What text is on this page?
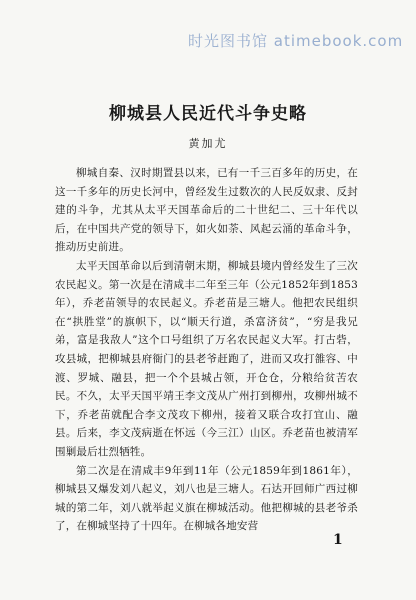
时光图书馆 atimebook.com
柳城县人民近代斗争史略
黄加尤

柳城自秦、汉时期置县以来，已有一千三百多年的历史，在这一千多年的历史长河中，曾经发生过数次的人民反奴隶、反封建的斗争，尤其从太平天国革命后的二十世纪二、三十年代以后，在中国共产党的领导下，如火如荼、风起云涌的革命斗争，推动历史前进。

太平天国革命以后到清朝末期，柳城县境内曾经发生了三次农民起义。第一次是在清咸丰二年至三年（公元1852年到1853年），乔老苗领导的农民起义。乔老苗是三塘人。他把农民组织在“拱胜堂”的旗帜下，以“顺天行道，杀富济贫”，“穷是我兄弟，富是我敌人”这个口号组织了万名农民起义大军。打古砦，攻县城，把柳城县府衙门的县老爷赶跑了，进而又攻打雒容、中渡、罗城、融县，把一个个县城占领，开仓仓，分粮给贫苦农民。不久，太平天国平靖王李文茂从广州打到柳州，攻柳州城不下，乔老苗就配合李文茂攻下柳州，接着又联合攻打宜山、融县。后来，李文茂病逝在怀远（今三江）山区。乔老苗也被清军围剿最后壮烈牺牲。

第二次是在清咸丰9年到11年（公元1859年到1861年），柳城县又爆发刘八起义，刘八也是三塘人。石达开回师广西过柳城的第二年，刘八就举起义旗在柳城活动。他把柳城的县老爷杀了，在柳城坚持了十四年。在柳城各地安营

1
